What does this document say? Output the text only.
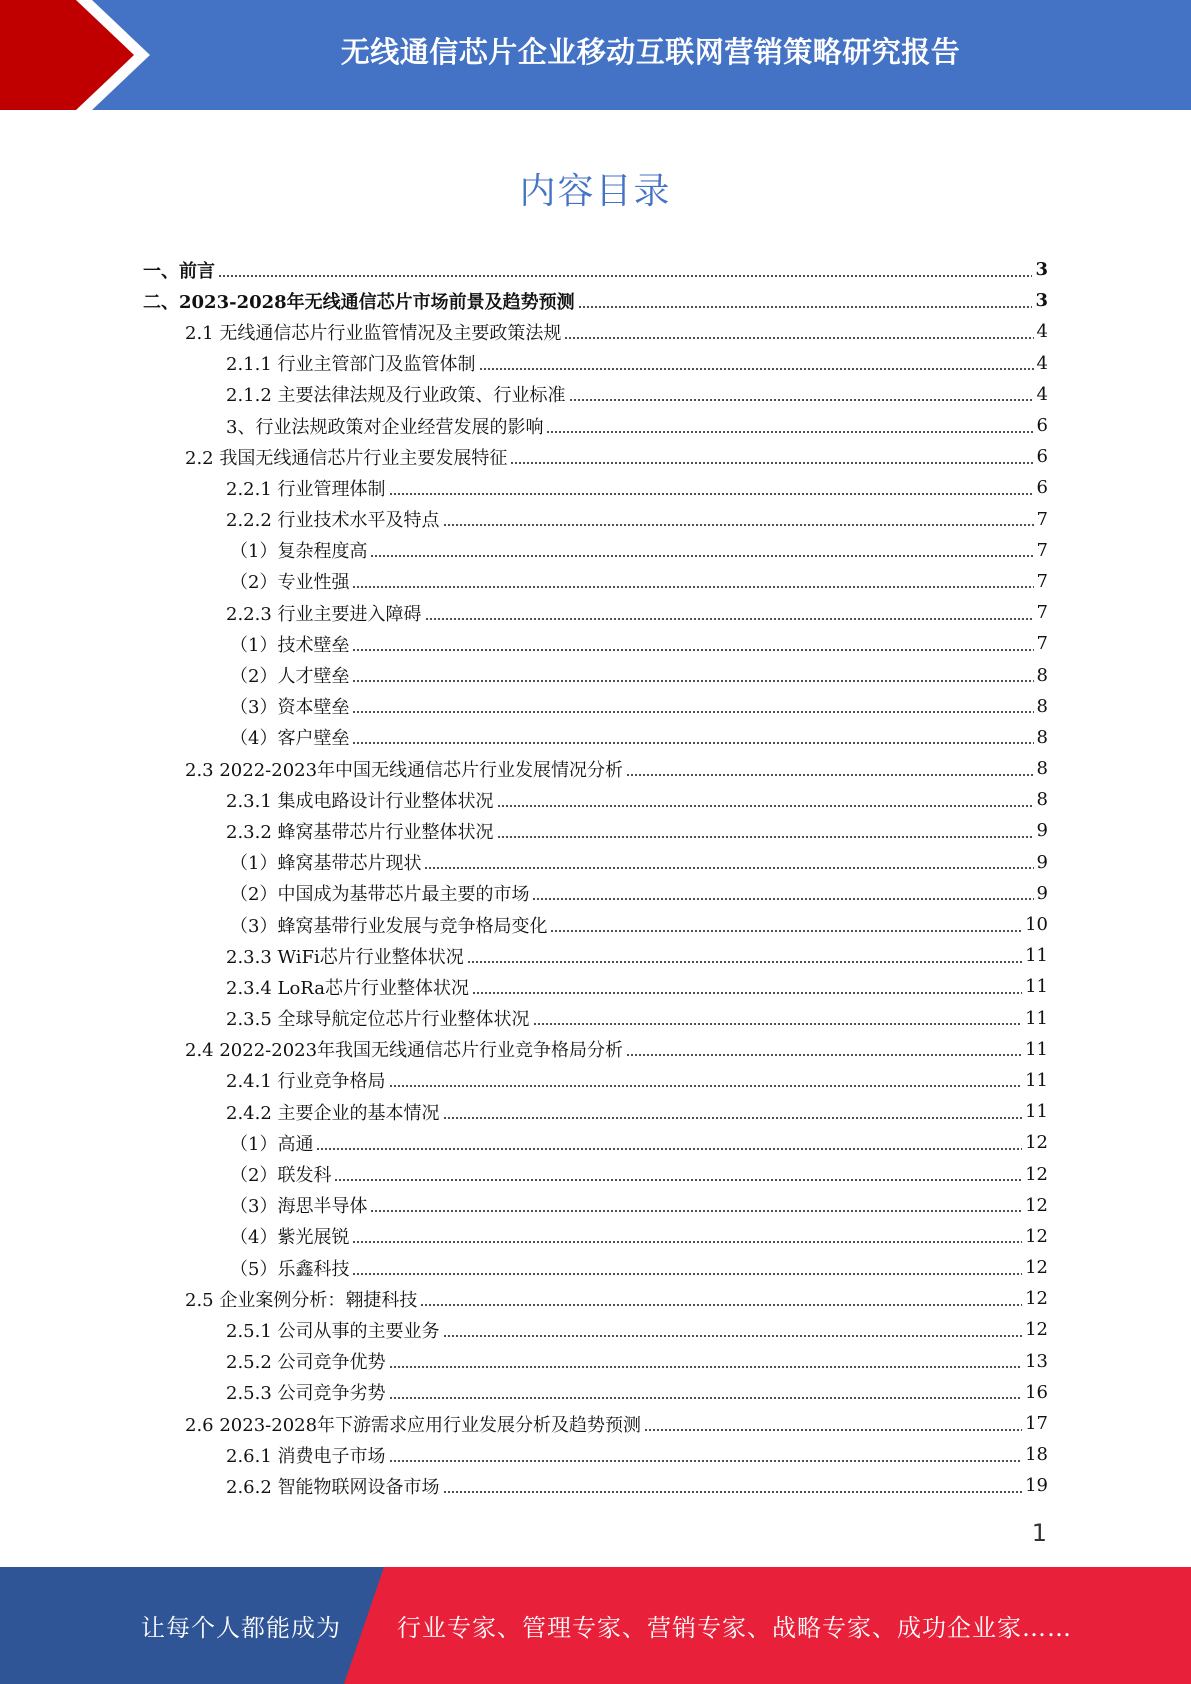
无线通信芯片企业移动互联网营销策略研究报告
内容目录
一、前言	3
二、2023-2028年无线通信芯片市场前景及趋势预测	3
2.1 无线通信芯片行业监管情况及主要政策法规	4
2.1.1 行业主管部门及监管体制	4
2.1.2 主要法律法规及行业政策、行业标准	4
3、行业法规政策对企业经营发展的影响	6
2.2 我国无线通信芯片行业主要发展特征	6
2.2.1 行业管理体制	6
2.2.2 行业技术水平及特点	7
（1）复杂程度高	7
（2）专业性强	7
2.2.3 行业主要进入障碍	7
（1）技术壁垒	7
（2）人才壁垒	8
（3）资本壁垒	8
（4）客户壁垒	8
2.3 2022-2023年中国无线通信芯片行业发展情况分析	8
2.3.1 集成电路设计行业整体状况	8
2.3.2 蜂窝基带芯片行业整体状况	9
（1）蜂窝基带芯片现状	9
（2）中国成为基带芯片最主要的市场	9
（3）蜂窝基带行业发展与竞争格局变化	10
2.3.3 WiFi芯片行业整体状况	11
2.3.4 LoRa芯片行业整体状况	11
2.3.5 全球导航定位芯片行业整体状况	11
2.4 2022-2023年我国无线通信芯片行业竞争格局分析	11
2.4.1 行业竞争格局	11
2.4.2 主要企业的基本情况	11
（1）高通	12
（2）联发科	12
（3）海思半导体	12
（4）紫光展锐	12
（5）乐鑫科技	12
2.5 企业案例分析：翱捷科技	12
2.5.1 公司从事的主要业务	12
2.5.2 公司竞争优势	13
2.5.3 公司竞争劣势	16
2.6 2023-2028年下游需求应用行业发展分析及趋势预测	17
2.6.1 消费电子市场	18
2.6.2 智能物联网设备市场	19
1
让每个人都能成为 行业专家、管理专家、营销专家、战略专家、成功企业家……
